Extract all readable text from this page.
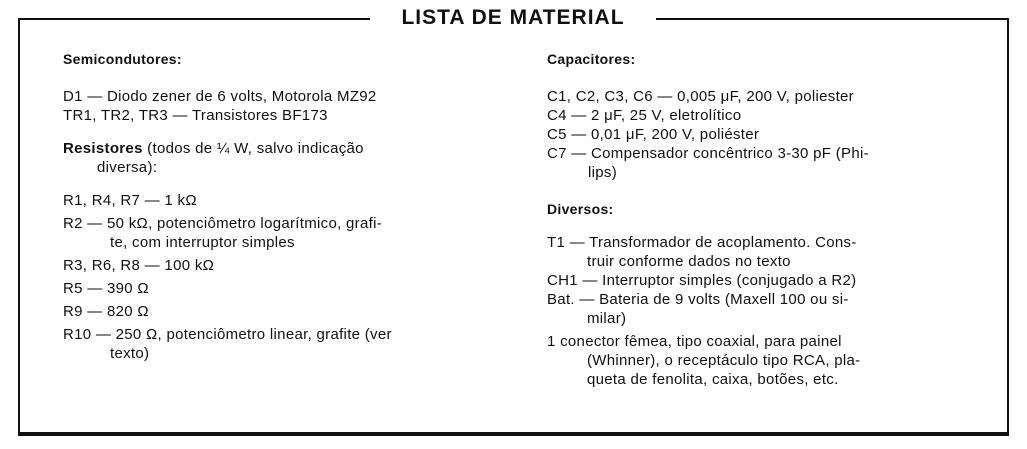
LISTA DE MATERIAL
Semicondutores:
D1 — Diodo zener de 6 volts, Motorola MZ92
TR1, TR2, TR3 — Transistores BF173
Resistores (todos de ¼ W, salvo indicação
diversa):
R1, R4, R7 — 1 kΩ
R2 — 50 kΩ, potenciômetro logarítmico, grafi-
te, com interruptor simples
R3, R6, R8 — 100 kΩ
R5 — 390 Ω
R9 — 820 Ω
R10 — 250 Ω, potenciômetro linear, grafite (ver
texto)
Capacitores:
C1, C2, C3, C6 — 0,005 μF, 200 V, poliester
C4 — 2 μF, 25 V, eletrolítico
C5 — 0,01 μF, 200 V, poliéster
C7 — Compensador concêntrico 3-30 pF (Phi-
lips)
Diversos:
T1 — Transformador de acoplamento. Cons-
truir conforme dados no texto
CH1 — Interruptor simples (conjugado a R2)
Bat. — Bateria de 9 volts (Maxell 100 ou si-
milar)
1 conector fêmea, tipo coaxial, para painel
(Whinner), o receptáculo tipo RCA, pla-
queta de fenolita, caixa, botões, etc.
